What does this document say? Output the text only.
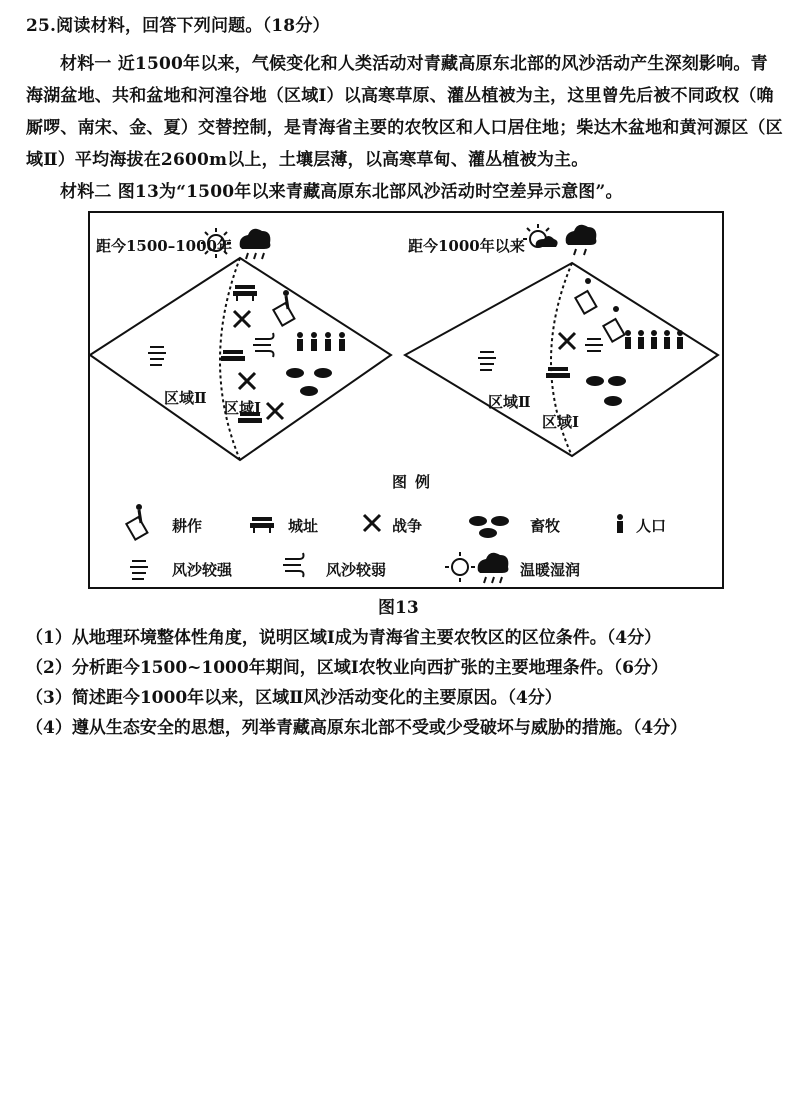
25.阅读材料，回答下列问题。（18分）
材料一 近1500年以来，气候变化和人类活动对青藏高原东北部的风沙活动产生深刻影响。青
海湖盆地、共和盆地和河湟谷地（区域Ⅰ）以高寒草原、灌丛植被为主，这里曾先后被不同政权（唃
厮啰、南宋、金、夏）交替控制，是青海省主要的农牧区和人口居住地；柴达木盆地和黄河源区（区
域Ⅱ）平均海拔在2600m以上，土壤层薄，以高寒草甸、灌丛植被为主。
材料二 图13为“1500年以来青藏高原东北部风沙活动时空差异示意图”。
距今1500–1000年	距今1000年以来
区域Ⅱ
区域Ⅰ	区域Ⅱ
区域Ⅰ
图例
耕作	城址	战争	畜牧	人口
风沙较强	风沙较弱	温暖湿润
图13
（1）从地理环境整体性角度，说明区域Ⅰ成为青海省主要农牧区的区位条件。（4分）
（2）分析距今1500~1000年期间，区域Ⅰ农牧业向西扩张的主要地理条件。（6分）
（3）简述距今1000年以来，区域Ⅱ风沙活动变化的主要原因。（4分）
（4）遵从生态安全的思想，列举青藏高原东北部不受或少受破坏与威胁的措施。（4分）
